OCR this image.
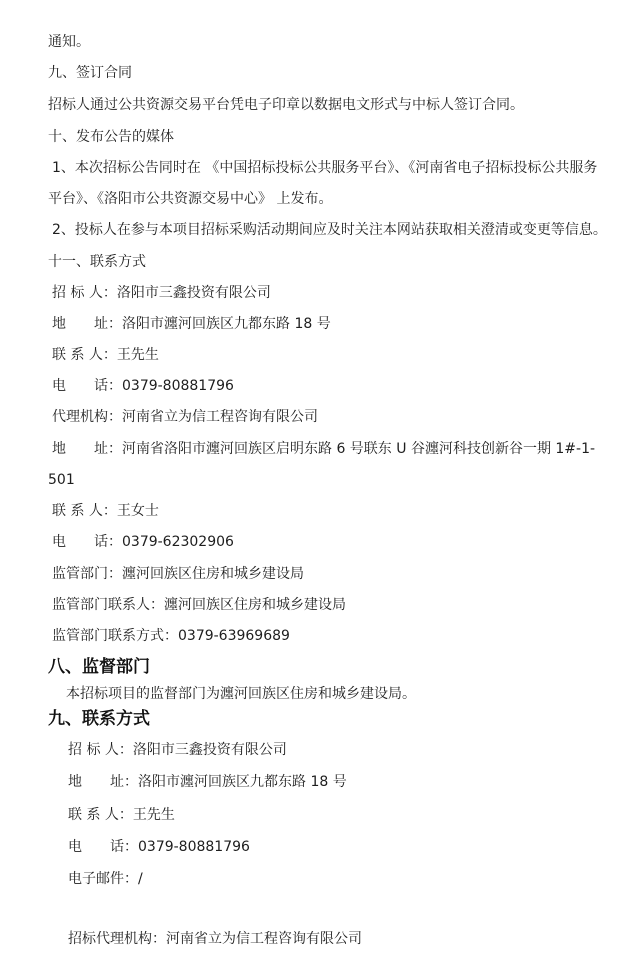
通知。
九、签订合同
招标人通过公共资源交易平台凭电子印章以数据电文形式与中标人签订合同。
十、发布公告的媒体
1、本次招标公告同时在 《中国招标投标公共服务平台》、《河南省电子招标投标公共服务
平台》、《洛阳市公共资源交易中心》 上发布。
2、投标人在参与本项目招标采购活动期间应及时关注本网站获取相关澄清或变更等信息。
十一、联系方式
招 标 人：洛阳市三鑫投资有限公司
地　　址：洛阳市瀍河回族区九都东路 18 号
联 系 人：王先生
电　　话：0379-80881796
代理机构：河南省立为信工程咨询有限公司
地　　址：河南省洛阳市瀍河回族区启明东路 6 号联东 U 谷瀍河科技创新谷一期 1#-1-
501
联 系 人：王女士
电　　话：0379-62302906
监管部门：瀍河回族区住房和城乡建设局
监管部门联系人：瀍河回族区住房和城乡建设局
监管部门联系方式：0379-63969689
八、监督部门
本招标项目的监督部门为瀍河回族区住房和城乡建设局。
九、联系方式
招 标 人：洛阳市三鑫投资有限公司
地　　址：洛阳市瀍河回族区九都东路 18 号
联 系 人：王先生
电　　话：0379-80881796
电子邮件：/
招标代理机构：河南省立为信工程咨询有限公司
